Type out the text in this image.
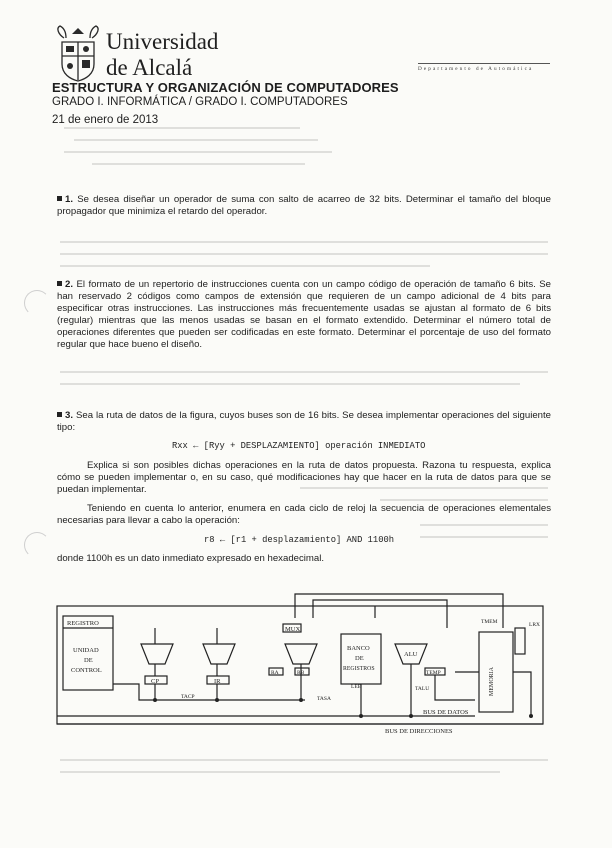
Universidad
de Alcalá	Departamento de Automática
ESTRUCTURA Y ORGANIZACIÓN DE COMPUTADORES
GRADO I. INFORMÁTICA / GRADO I. COMPUTADORES
21 de enero de 2013
1. Se desea diseñar un operador de suma con salto de acarreo de 32 bits. Determinar el tamaño del bloque propagador que minimiza el retardo del operador.
2. El formato de un repertorio de instrucciones cuenta con un campo código de operación de tamaño 6 bits. Se han reservado 2 códigos como campos de extensión que requieren de un campo adicional de 4 bits para especificar otras instrucciones. Las instrucciones más frecuentemente usadas se ajustan al formato de 6 bits (regular) mientras que las menos usadas se basan en el formato extendido. Determinar el número total de operaciones diferentes que pueden ser codificadas en este formato. Determinar el porcentaje de uso del formato regular que hace bueno el diseño.
3. Sea la ruta de datos de la figura, cuyos buses son de 16 bits. Se desea implementar operaciones del siguiente tipo:
Rxx ← [Ryy + DESPLAZAMIENTO] operación INMEDIATO
Explica si son posibles dichas operaciones en la ruta de datos propuesta. Razona tu respuesta, explica cómo se pueden implementar o, en su caso, qué modificaciones hay que hacer en la ruta de datos para que se puedan implementar.
Teniendo en cuenta lo anterior, enumera en cada ciclo de reloj la secuencia de operaciones elementales necesarias para llevar a cabo la operación:
r8 ← [r1 + desplazamiento] AND 1100h
donde 1100h es un dato inmediato expresado en hexadecimal.
REGISTRO
UNIDAD
DE
CONTROL
CP	IR
MUX
RA	RB
BANCO
DE
REGISTROS
ALU
TEMP	MEMORIA
TMEM	LRX
TALU
TASA
TACP
LEE
BUS DE DATOS
BUS DE DIRECCIONES
